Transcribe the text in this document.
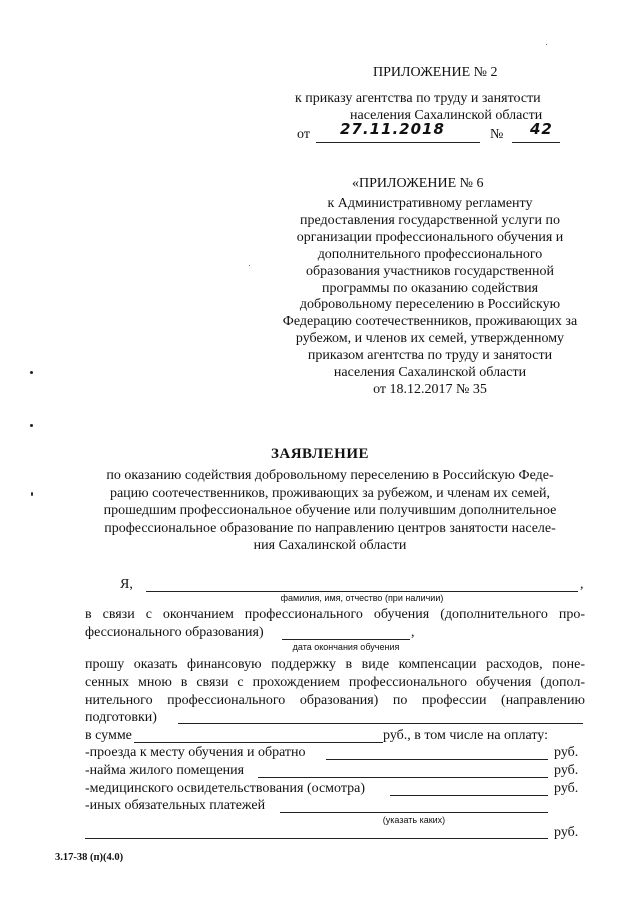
ПРИЛОЖЕНИЕ № 2
к приказу агентства по труду и занятости
населения Сахалинской области
от 27.11.2018	№ 42
«ПРИЛОЖЕНИЕ № 6
к Административному регламенту
предоставления государственной услуги по
организации профессионального обучения и
дополнительного профессионального
образования участников государственной
программы по оказанию содействия
добровольному переселению в Российскую
Федерацию соотечественников, проживающих за
рубежом, и членов их семей, утвержденному
приказом агентства по труду и занятости
населения Сахалинской области
от 18.12.2017 № 35
ЗАЯВЛЕНИЕ
по оказанию содействия добровольному переселению в Российскую Феде-
рацию соотечественников, проживающих за рубежом, и членам их семей,
прошедшим профессиональное обучение или получившим дополнительное
профессиональное образование по направлению центров занятости населе-
ния Сахалинской области
Я,	,
фамилия, имя, отчество (при наличии)
в связи с окончанием профессионального обучения (дополнительного про-
фессионального образования)	,
дата окончания обучения
прошу оказать финансовую поддержку в виде компенсации расходов, поне-
сенных мною в связи с прохождением профессионального обучения (допол-
нительного профессионального образования) по профессии (направлению
подготовки)
в сумме	руб., в том числе на оплату:
-проезда к месту обучения и обратно	руб.
-найма жилого помещения	руб.
-медицинского освидетельствования (осмотра)	руб.
-иных обязательных платежей
(указать каких)
руб.
3.17-38 (п)(4.0)
